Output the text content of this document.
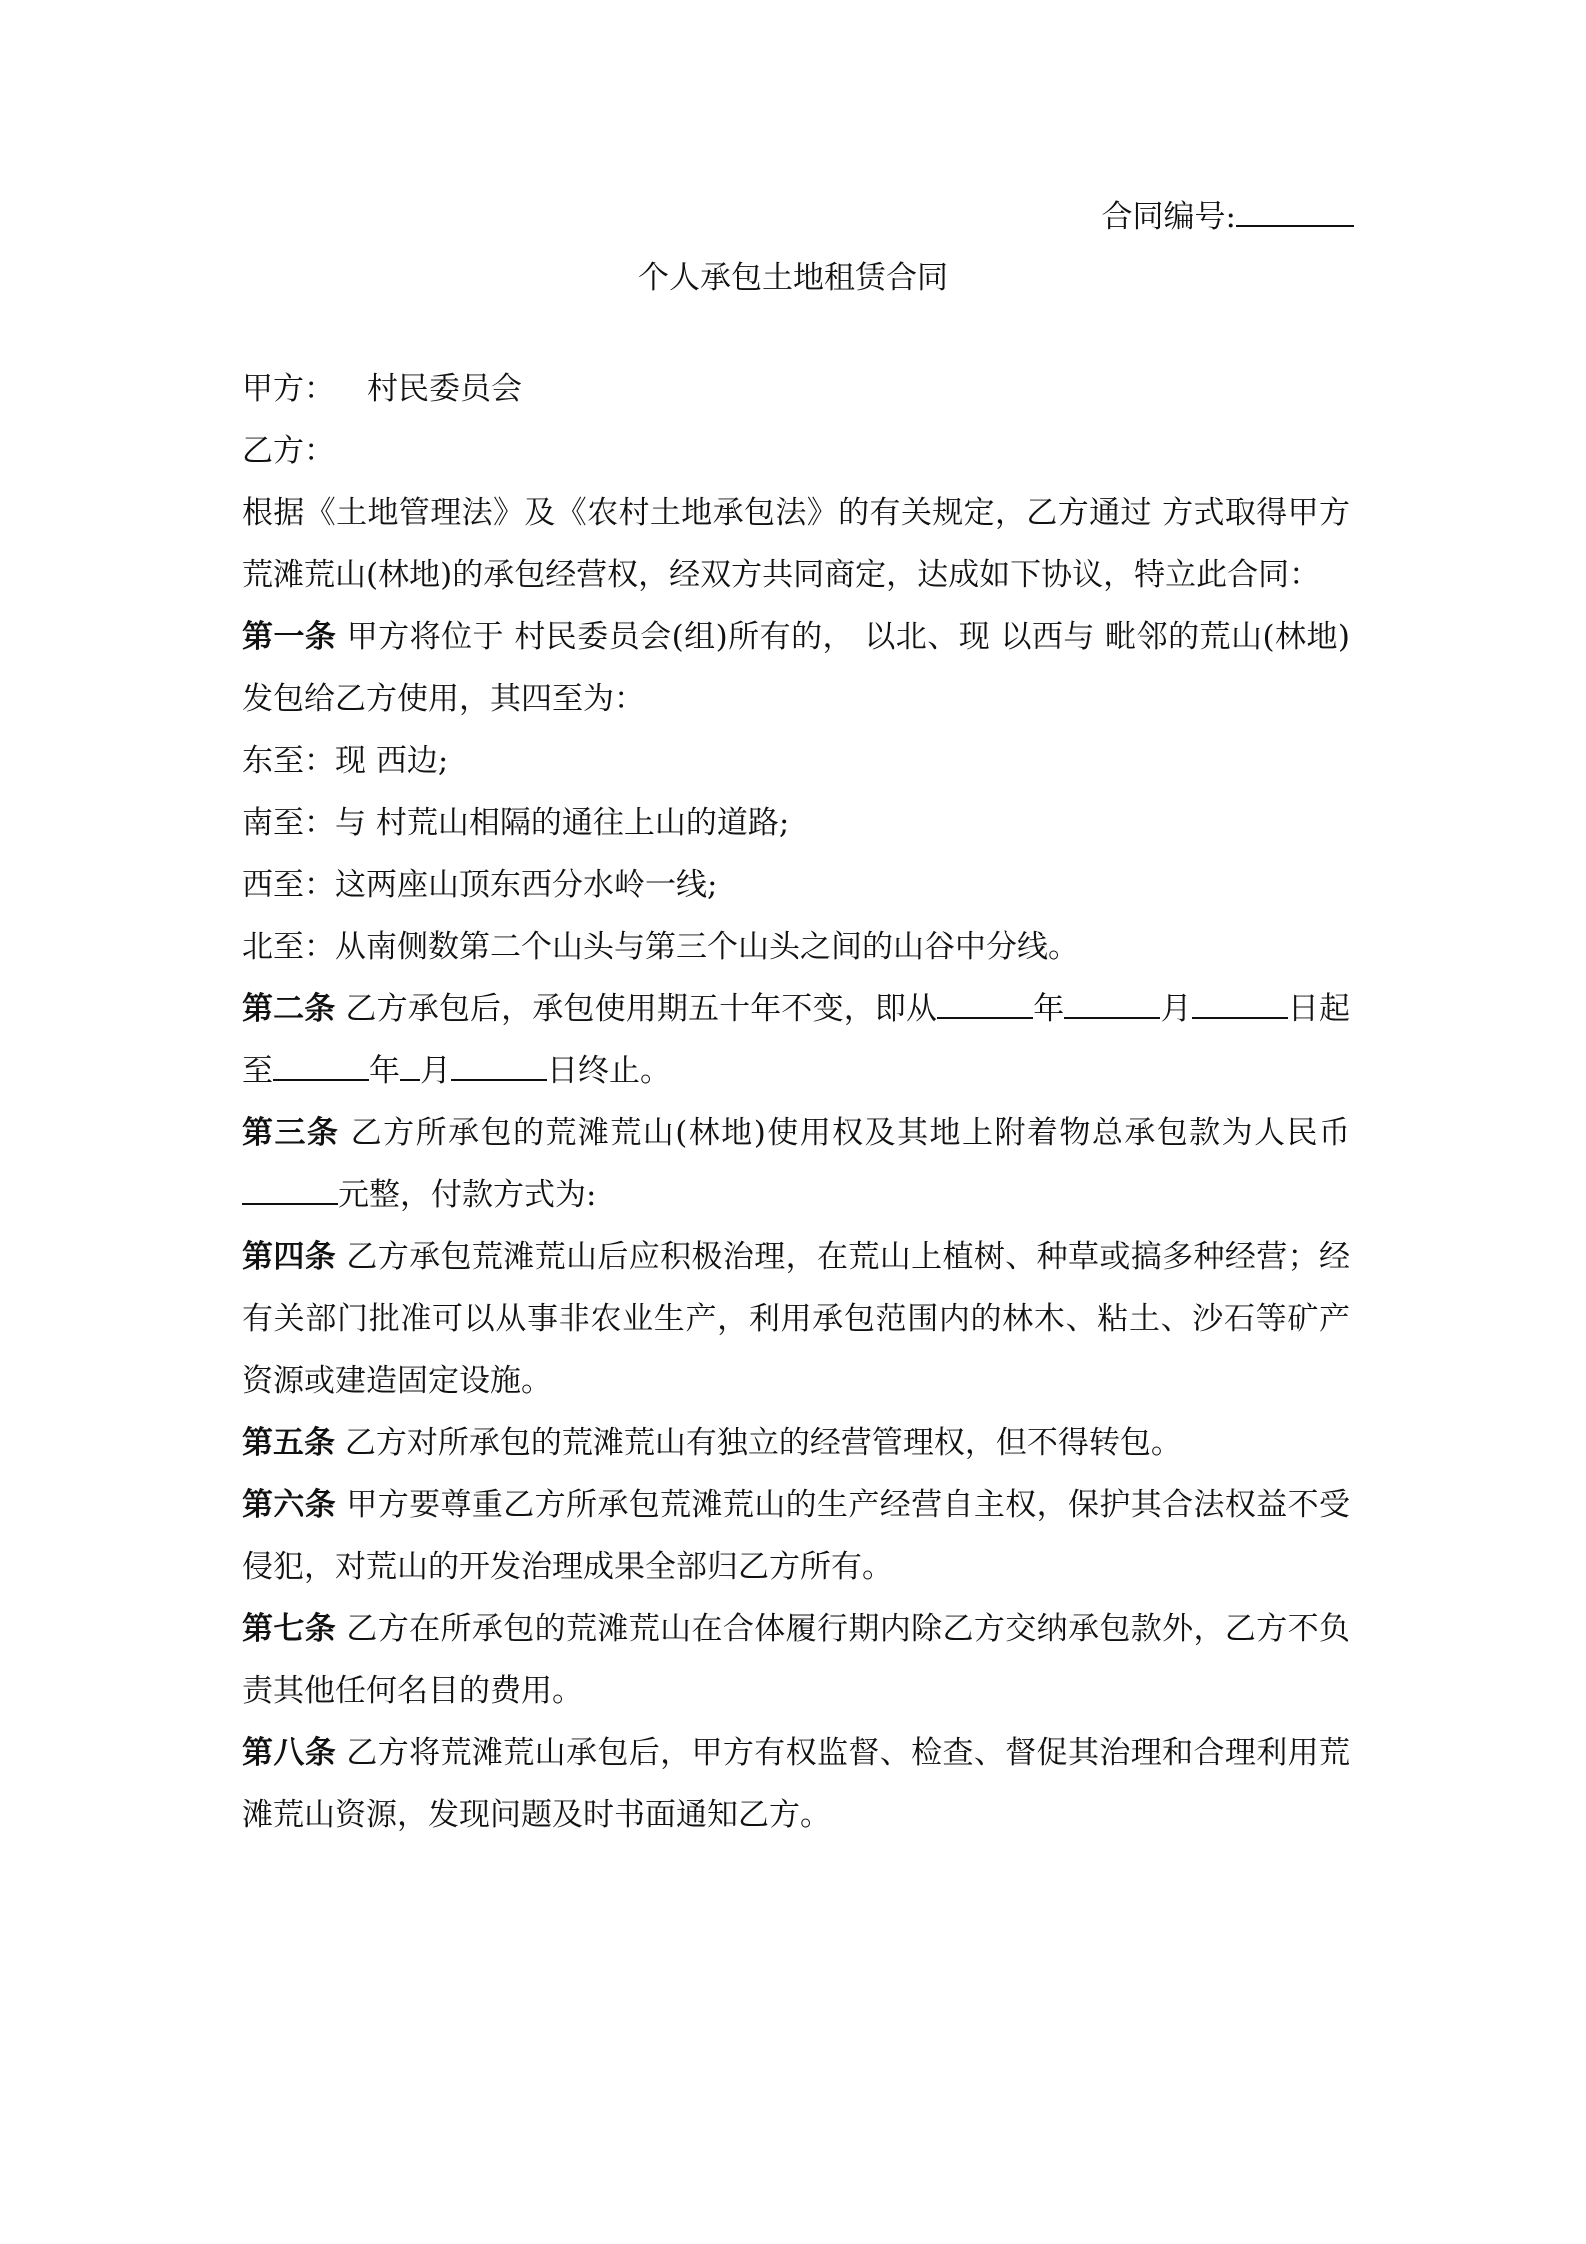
合同编号:
个人承包土地租赁合同

甲方： 村民委员会

乙方：

根据《土地管理法》及《农村土地承包法》的有关规定，乙方通过 方式取得甲方荒滩荒山(林地)的承包经营权，经双方共同商定，达成如下协议，特立此合同：

第一条 甲方将位于 村民委员会(组)所有的， 以北、现 以西与 毗邻的荒山(林地)发包给乙方使用，其四至为：

东至：现 西边;

南至：与 村荒山相隔的通往上山的道路;

西至：这两座山顶东西分水岭一线;

北至：从南侧数第二个山头与第三个山头之间的山谷中分线。

第二条 乙方承包后，承包使用期五十年不变，即从	年	月	日起至	年 月	日终止。

第三条 乙方所承包的荒滩荒山(林地)使用权及其地上附着物总承包款为人民币元整，付款方式为:

第四条 乙方承包荒滩荒山后应积极治理，在荒山上植树、种草或搞多种经营；经有关部门批准可以从事非农业生产，利用承包范围内的林木、粘土、沙石等矿产资源或建造固定设施。

第五条 乙方对所承包的荒滩荒山有独立的经营管理权，但不得转包。

第六条 甲方要尊重乙方所承包荒滩荒山的生产经营自主权，保护其合法权益不受侵犯，对荒山的开发治理成果全部归乙方所有。

第七条 乙方在所承包的荒滩荒山在合体履行期内除乙方交纳承包款外，乙方不负责其他任何名目的费用。

第八条 乙方将荒滩荒山承包后，甲方有权监督、检查、督促其治理和合理利用荒滩荒山资源，发现问题及时书面通知乙方。
